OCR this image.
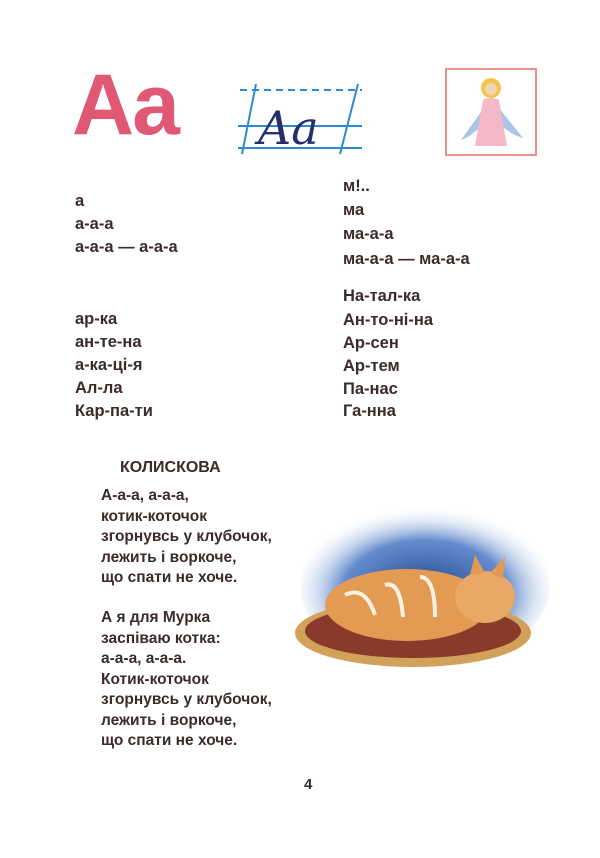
Aa Aa
а
а-а-а
а-а-а — а-а-а
ар-ка
ан-те-на
а-ка-ці-я
Ал-ла
Кар-па-ти
м!..
ма
ма-а-а
ма-а-а — ма-а-а
На-тал-ка
Ан-то-ні-на
Ар-сен
Ар-тем
Па-нас
Га-нна
КОЛИСКОВА
А-а-а, а-а-а,
котик-коточок
згорнувсь у клубочок,
лежить і воркоче,
що спати не хоче.
А я для Мурка
заспіваю котка:
а-а-а, а-а-а.
Котик-коточок
згорнувсь у клубочок,
лежить і воркоче,
що спати не хоче.
4
